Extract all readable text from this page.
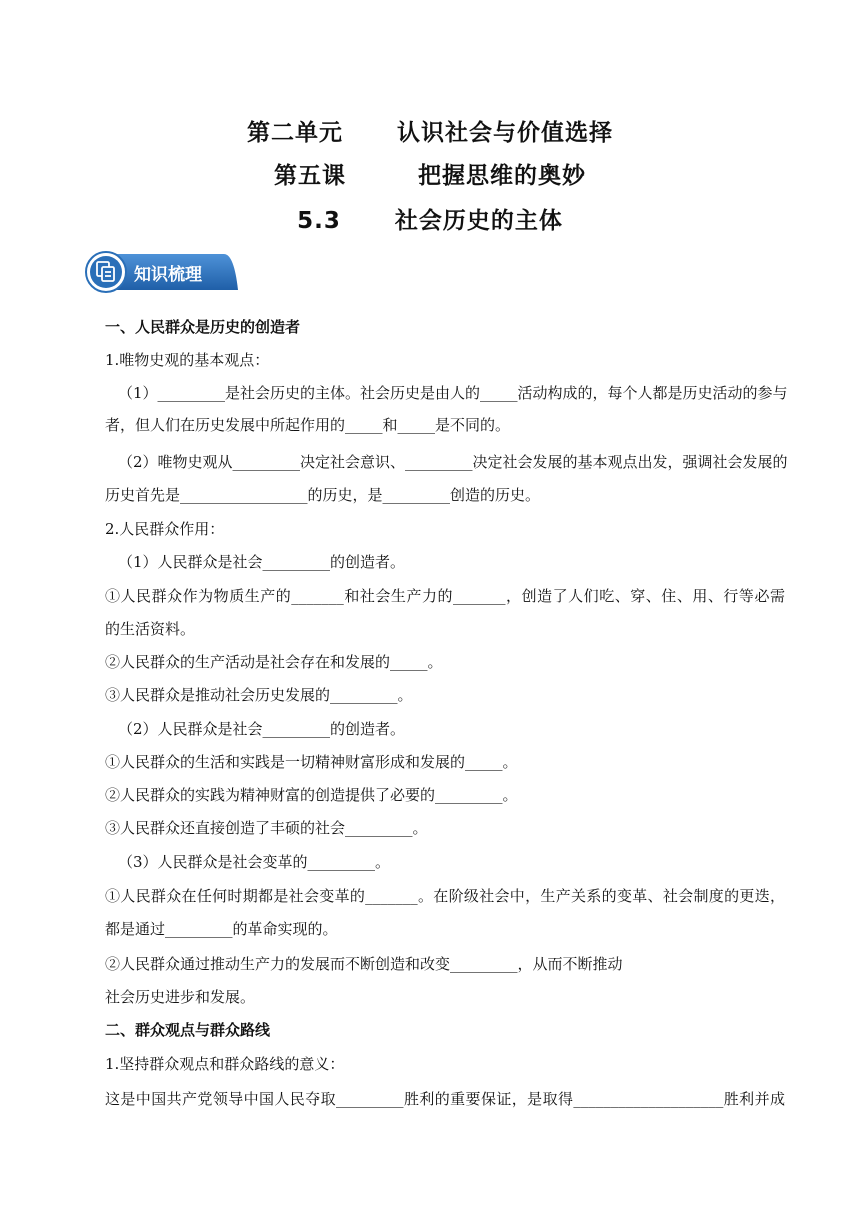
第二单元      认识社会与价值选择
第五课        把握思维的奥妙
5.3      社会历史的主体
知识梳理
一、人民群众是历史的创造者
1.唯物史观的基本观点：
（1）_________是社会历史的主体。社会历史是由人的_____活动构成的，每个人都是历史活动的参与
者，但人们在历史发展中所起作用的_____和_____是不同的。
（2）唯物史观从_________决定社会意识、_________决定社会发展的基本观点出发，强调社会发展的
历史首先是_________________的历史，是_________创造的历史。
2.人民群众作用：
（1）人民群众是社会_________的创造者。
①人民群众作为物质生产的_______和社会生产力的_______，创造了人们吃、穿、住、用、行等必需
的生活资料。
②人民群众的生产活动是社会存在和发展的_____。
③人民群众是推动社会历史发展的_________。
（2）人民群众是社会_________的创造者。
①人民群众的生活和实践是一切精神财富形成和发展的_____。
②人民群众的实践为精神财富的创造提供了必要的_________。
③人民群众还直接创造了丰硕的社会_________。
（3）人民群众是社会变革的_________。
①人民群众在任何时期都是社会变革的_______。在阶级社会中，生产关系的变革、社会制度的更迭，
都是通过_________的革命实现的。
②人民群众通过推动生产力的发展而不断创造和改变_________，从而不断推动
社会历史进步和发展。
二、群众观点与群众路线
1.坚持群众观点和群众路线的意义：
这是中国共产党领导中国人民夺取_________胜利的重要保证，是取得____________________胜利并成
